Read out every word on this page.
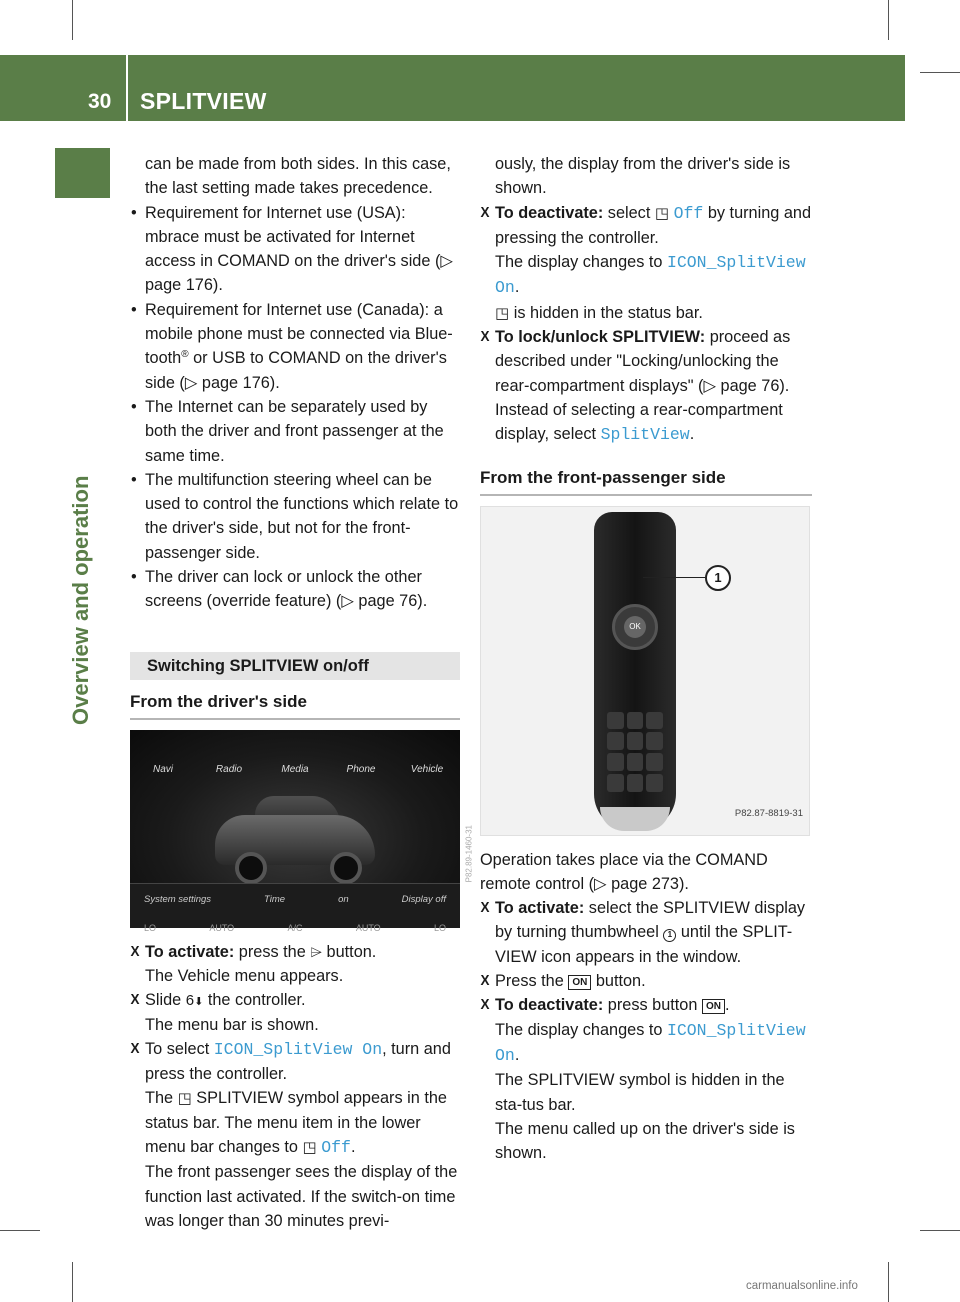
30 SPLITVIEW
Overview and operation

can be made from both sides. In this case, the last setting made takes precedence.

• Requirement for Internet use (USA): mbrace must be activated for Internet access in COMAND on the driver's side (▷ page 176).

• Requirement for Internet use (Canada): a mobile phone must be connected via Blue-tooth® or USB to COMAND on the driver's side (▷ page 176).

• The Internet can be separately used by both the driver and front passenger at the same time.

• The multifunction steering wheel can be used to control the functions which relate to the driver's side, but not for the front-passenger side.

• The driver can lock or unlock the other screens (override feature) (▷ page 76).

Switching SPLITVIEW on/off
From the driver's side
Navi	Radio	Media	Phone	Vehicle
P82.89-1460-31
System settings	Time	on	Display off
LO	AUTO	A/C	AUTO	LO

X To activate: press the ⌲ button.

The Vehicle menu appears.

X Slide 6⬇ the controller.

The menu bar is shown.

X To select ICON_SplitView On, turn and press the controller.

The ◳ SPLITVIEW symbol appears in the status bar. The menu item in the lower menu bar changes to ◳ Off.

The front passenger sees the display of the function last activated. If the switch-on time was longer than 30 minutes previ-

ously, the display from the driver's side is shown.

X To deactivate: select ◳ Off by turning and pressing the controller.

The display changes to ICON_SplitView On.

◳ is hidden in the status bar.

X To lock/unlock SPLITVIEW: proceed as described under "Locking/unlocking the rear-compartment displays" (▷ page 76).

Instead of selecting a rear-compartment display, select SplitView.

From the front-passenger side
OK
1
P82.87-8819-31

Operation takes place via the COMAND remote control (▷ page 273).

X To activate: select the SPLITVIEW display by turning thumbwheel 1 until the SPLIT-VIEW icon appears in the window.

X Press the ON button.

X To deactivate: press button ON .

The display changes to ICON_SplitView On.

The SPLITVIEW symbol is hidden in the sta-tus bar.

The menu called up on the driver's side is shown.

carmanualsonline.info
